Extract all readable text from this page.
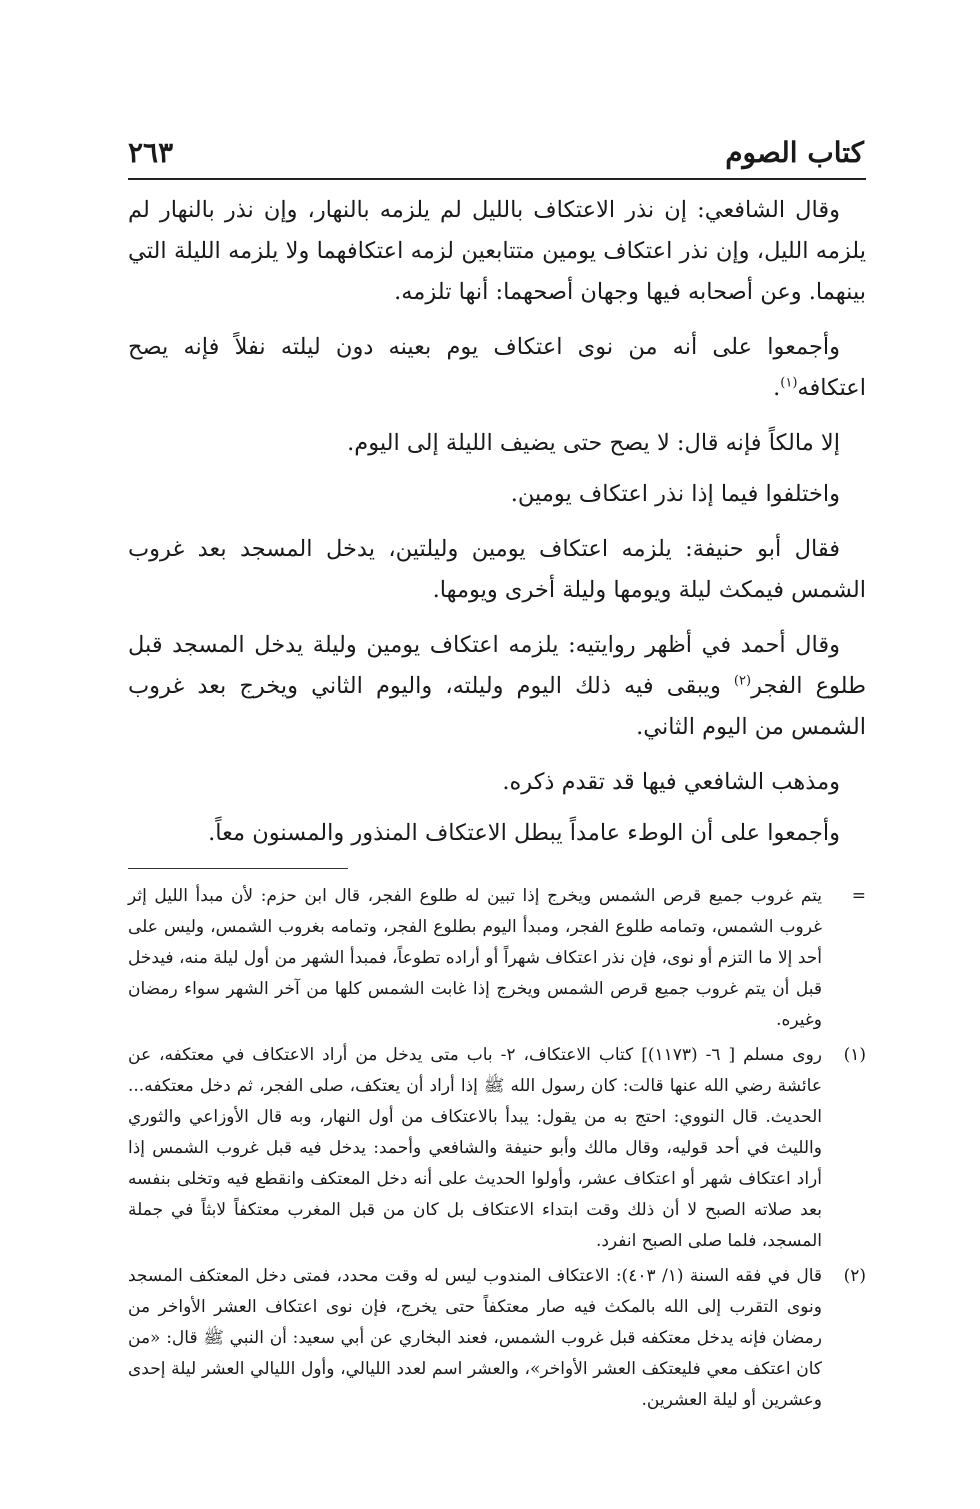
كتاب الصوم
٢٦٣

وقال الشافعي: إن نذر الاعتكاف بالليل لم يلزمه بالنهار، وإن نذر بالنهار لم يلزمه الليل، وإن نذر اعتكاف يومين متتابعين لزمه اعتكافهما ولا يلزمه الليلة التي بينهما. وعن أصحابه فيها وجهان أصحهما: أنها تلزمه.

وأجمعوا على أنه من نوى اعتكاف يوم بعينه دون ليلته نفلاً فإنه يصح اعتكافه$^{(١)}$.

إلا مالكاً فإنه قال: لا يصح حتى يضيف الليلة إلى اليوم.

واختلفوا فيما إذا نذر اعتكاف يومين.

فقال أبو حنيفة: يلزمه اعتكاف يومين وليلتين، يدخل المسجد بعد غروب الشمس فيمكث ليلة ويومها وليلة أخرى ويومها.

وقال أحمد في أظهر روايتيه: يلزمه اعتكاف يومين وليلة يدخل المسجد قبل طلوع الفجر$^{(٢)}$ ويبقى فيه ذلك اليوم وليلته، واليوم الثاني ويخرج بعد غروب الشمس من اليوم الثاني.

ومذهب الشافعي فيها قد تقدم ذكره.

وأجمعوا على أن الوطء عامداً يبطل الاعتكاف المنذور والمسنون معاً.

=
يتم غروب جميع قرص الشمس ويخرج إذا تبين له طلوع الفجر، قال ابن حزم: لأن مبدأ الليل إثر غروب الشمس، وتمامه طلوع الفجر، ومبدأ اليوم بطلوع الفجر، وتمامه بغروب الشمس، وليس على أحد إلا ما التزم أو نوى، فإن نذر اعتكاف شهراً أو أراده تطوعاً، فمبدأ الشهر من أول ليلة منه، فيدخل قبل أن يتم غروب جميع قرص الشمس ويخرج إذا غابت الشمس كلها من آخر الشهر سواء رمضان وغيره.
(١)
روى مسلم [ ٦- (١١٧٣)] كتاب الاعتكاف، ٢- باب متى يدخل من أراد الاعتكاف في معتكفه، عن عائشة رضي الله عنها قالت: كان رسول الله ﷺ إذا أراد أن يعتكف، صلى الفجر، ثم دخل معتكفه... الحديث. قال النووي: احتج به من يقول: يبدأ بالاعتكاف من أول النهار، وبه قال الأوزاعي والثوري والليث في أحد قوليه، وقال مالك وأبو حنيفة والشافعي وأحمد: يدخل فيه قبل غروب الشمس إذا أراد اعتكاف شهر أو اعتكاف عشر، وأولوا الحديث على أنه دخل المعتكف وانقطع فيه وتخلى بنفسه بعد صلاته الصبح لا أن ذلك وقت ابتداء الاعتكاف بل كان من قبل المغرب معتكفاً لابثاً في جملة المسجد، فلما صلى الصبح انفرد.
(٢)
قال في فقه السنة (١/ ٤٠٣): الاعتكاف المندوب ليس له وقت محدد، فمتى دخل المعتكف المسجد ونوى التقرب إلى الله بالمكث فيه صار معتكفاً حتى يخرج، فإن نوى اعتكاف العشر الأواخر من رمضان فإنه يدخل معتكفه قبل غروب الشمس، فعند البخاري عن أبي سعيد: أن النبي ﷺ قال: «من كان اعتكف معي فليعتكف العشر الأواخر»، والعشر اسم لعدد الليالي، وأول الليالي العشر ليلة إحدى وعشرين أو ليلة العشرين.
